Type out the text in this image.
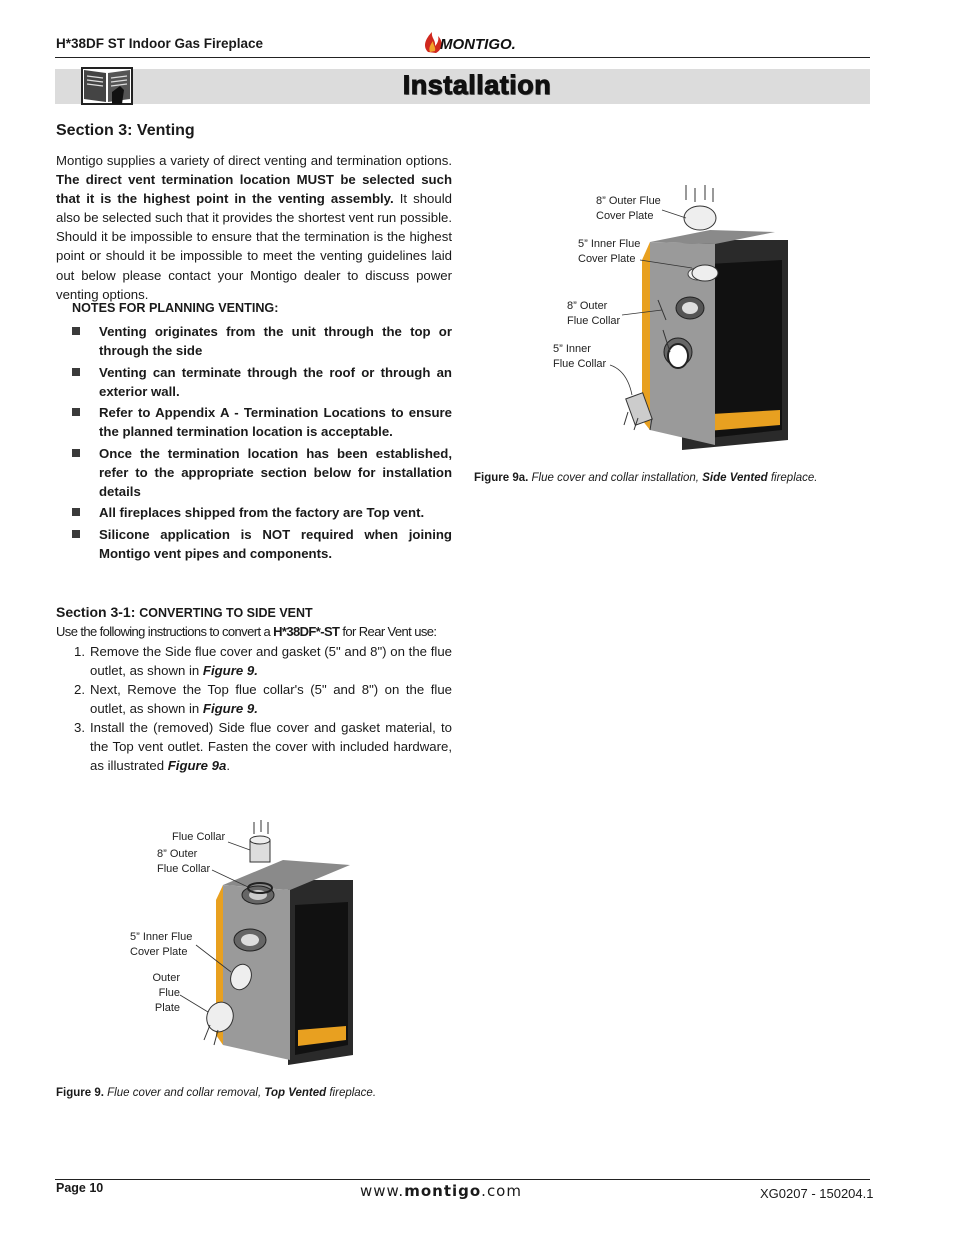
H*38DF ST Indoor Gas Fireplace	MONTIGO.
Installation
Section 3: Venting
Montigo supplies a variety of direct venting and termination options. The direct vent termination location MUST be selected such that it is the highest point in the venting assembly. It should also be selected such that it provides the shortest vent run possible. Should it be impossible to ensure that the termination is the highest point or should it be impossible to meet the venting guidelines laid out below please contact your Montigo dealer to discuss power venting options.
NOTES FOR PLANNING VENTING:
Venting originates from the unit through the top or through the side
Venting can terminate through the roof or through an exterior wall.
Refer to Appendix A - Termination Locations to ensure the planned termination location is acceptable.
Once the termination location has been established, refer to the appropriate section below for installation details
All fireplaces shipped from the factory are Top vent.
Silicone application is NOT required when joining Montigo vent pipes and components.
Section 3-1: CONVERTING TO SIDE VENT
Use the following instructions to convert a H*38DF*-ST for Rear Vent use:
1. Remove the Side flue cover and gasket (5" and 8") on the flue outlet, as shown in Figure 9.
2. Next, Remove the Top flue collar's (5" and 8") on the flue outlet, as shown in Figure 9.
3. Install the (removed) Side flue cover and gasket material, to the Top vent outlet. Fasten the cover with included hardware, as illustrated Figure 9a.
8” Outer Flue
Cover Plate
5” Inner Flue
Cover Plate
8” Outer
Flue Collar
5” Inner
Flue Collar
Figure 9a. Flue cover and collar installation, Side Vented fireplace.
Flue Collar
8” Outer
Flue Collar
5” Inner Flue
Cover Plate
Outer Flue
Plate
Figure 9. Flue cover and collar removal, Top Vented fireplace.
Page 10	www.montigo.com	XG0207 - 150204.1
